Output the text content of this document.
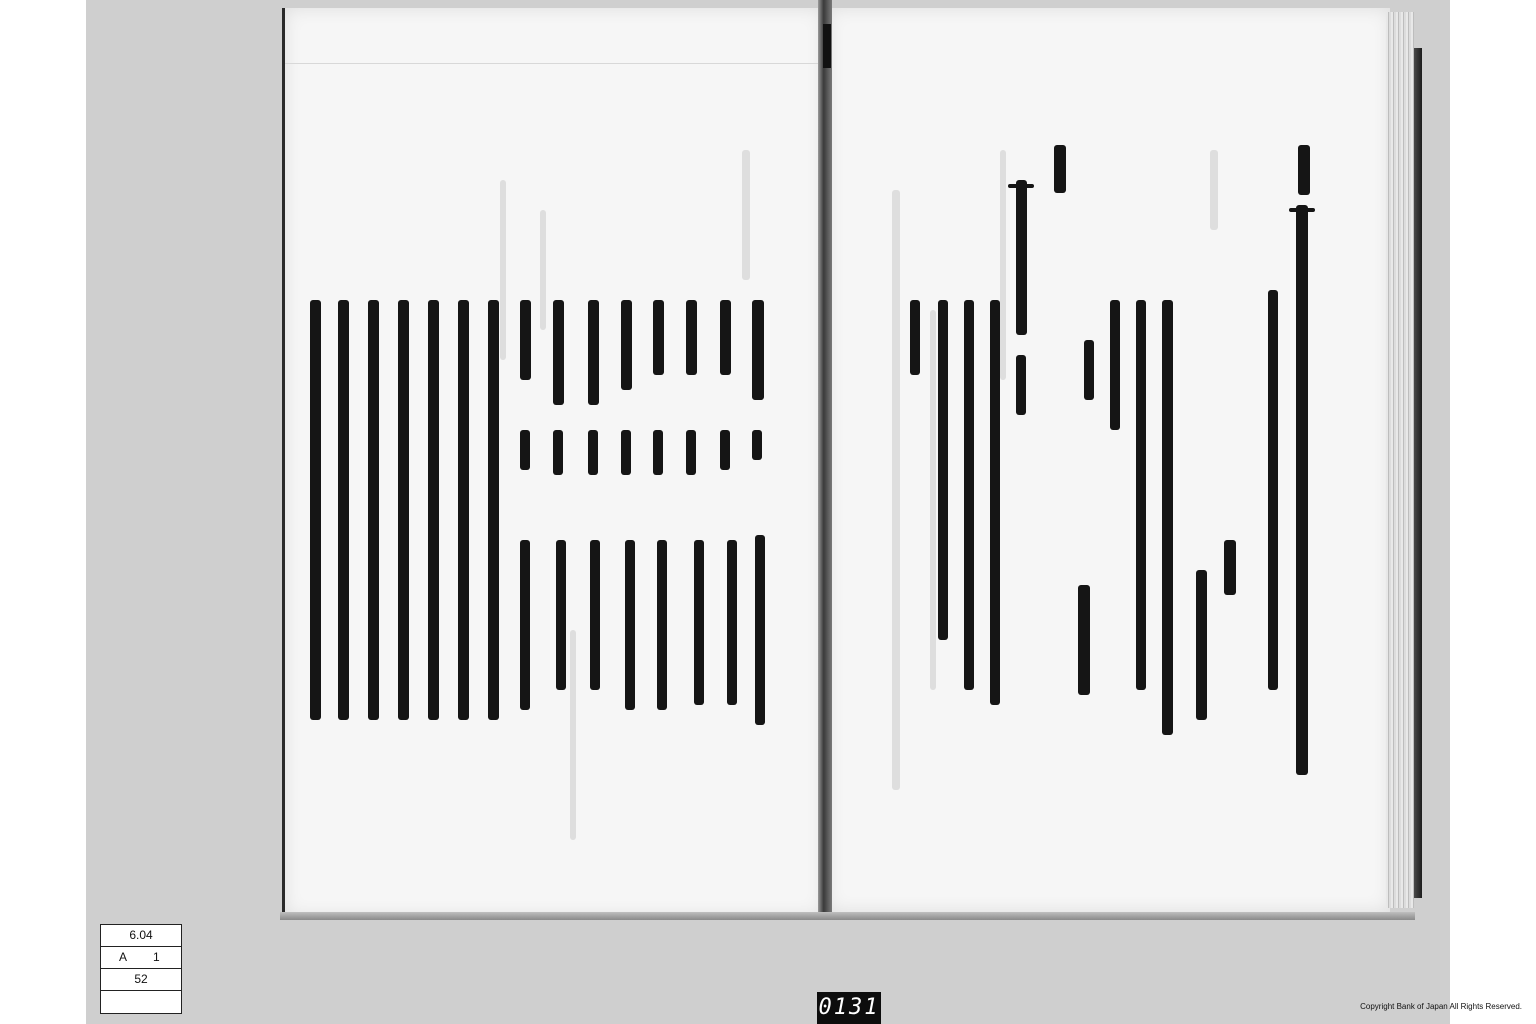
6.04
A 1
52
0131	Copyright Bank of Japan All Rights Reserved.
